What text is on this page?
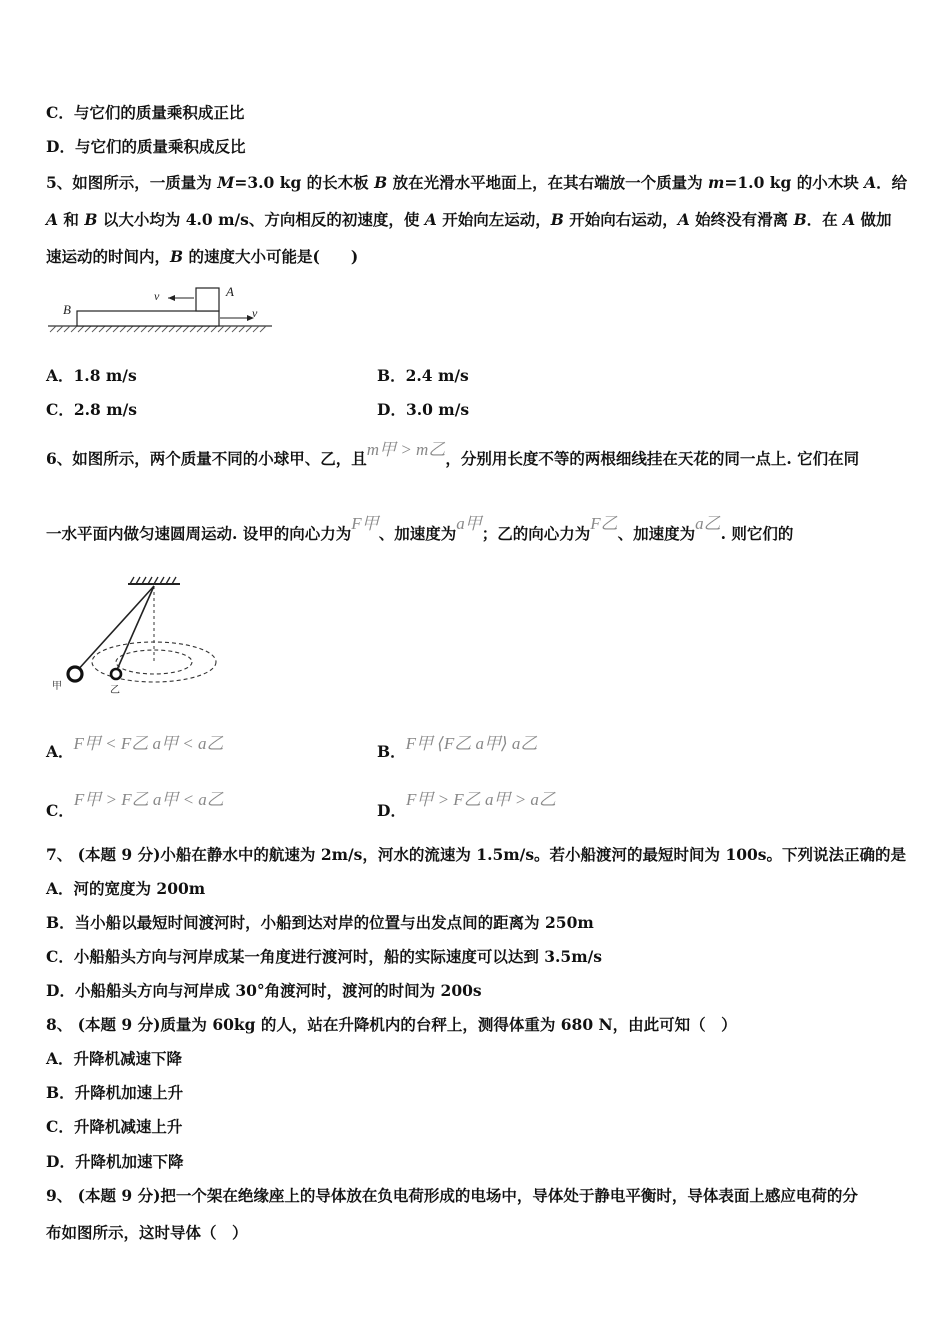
C．与它们的质量乘积成正比
D．与它们的质量乘积成反比
5、如图所示，一质量为 M=3.0 kg 的长木板 B 放在光滑水平地面上，在其右端放一个质量为 m=1.0 kg 的小木块 A．给
A 和 B 以大小均为 4.0 m/s、方向相反的初速度，使 A 开始向左运动，B 开始向右运动，A 始终没有滑离 B．在 A 做加
速运动的时间内，B 的速度大小可能是(　　)
B
A
v
v
A．1.8 m/s	B．2.4 m/s
C．2.8 m/s	D．3.0 m/s
6、如图所示，两个质量不同的小球甲、乙，且m甲 > m乙，分别用长度不等的两根细线挂在天花的同一点上. 它们在同
一水平面内做匀速圆周运动. 设甲的向心力为F甲、加速度为a甲；乙的向心力为F乙、加速度为a乙. 则它们的
甲	乙
A．F甲 < F乙 a甲 < a乙	B．F甲 ⟨F乙 a甲⟩ a乙
C．F甲 > F乙 a甲 < a乙
D．F甲 > F乙 a甲 > a乙
7、 (本题 9 分)小船在静水中的航速为 2m/s，河水的流速为 1.5m/s。若小船渡河的最短时间为 100s。下列说法正确的是
A．河的宽度为 200m
B．当小船以最短时间渡河时，小船到达对岸的位置与出发点间的距离为 250m
C．小船船头方向与河岸成某一角度进行渡河时，船的实际速度可以达到 3.5m/s
D．小船船头方向与河岸成 30°角渡河时，渡河的时间为 200s
8、 (本题 9 分)质量为 60kg 的人，站在升降机内的台秤上，测得体重为 680 N，由此可知（　）
A．升降机减速下降
B．升降机加速上升
C．升降机减速上升
D．升降机加速下降
9、 (本题 9 分)把一个架在绝缘座上的导体放在负电荷形成的电场中，导体处于静电平衡时，导体表面上感应电荷的分
布如图所示，这时导体（　）
